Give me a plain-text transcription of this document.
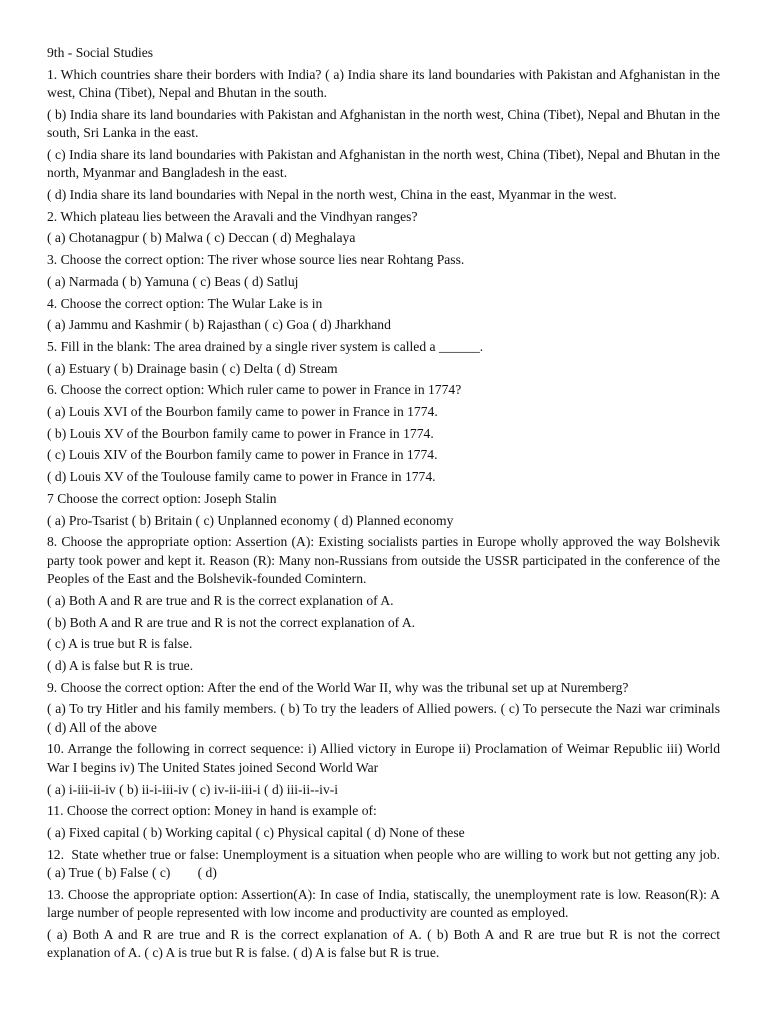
9th - Social Studies

1. Which countries share their borders with India? ( a) India share its land boundaries with Pakistan and Afghanistan in the west, China (Tibet), Nepal and Bhutan in the south.

( b) India share its land boundaries with Pakistan and Afghanistan in the north west, China (Tibet), Nepal and Bhutan in the south, Sri Lanka in the east.

( c) India share its land boundaries with Pakistan and Afghanistan in the north west, China (Tibet), Nepal and Bhutan in the north, Myanmar and Bangladesh in the east.

( d) India share its land boundaries with Nepal in the north west, China in the east, Myanmar in the west.

2. Which plateau lies between the Aravali and the Vindhyan ranges?

( a) Chotanagpur ( b) Malwa ( c) Deccan ( d) Meghalaya

3. Choose the correct option: The river whose source lies near Rohtang Pass.

( a) Narmada ( b) Yamuna ( c) Beas ( d) Satluj

4. Choose the correct option: The Wular Lake is in

( a) Jammu and Kashmir ( b) Rajasthan ( c) Goa ( d) Jharkhand

5. Fill in the blank: The area drained by a single river system is called a ______.

( a) Estuary ( b) Drainage basin ( c) Delta ( d) Stream

6. Choose the correct option: Which ruler came to power in France in 1774?

( a) Louis XVI of the Bourbon family came to power in France in 1774.

( b) Louis XV of the Bourbon family came to power in France in 1774.

( c) Louis XIV of the Bourbon family came to power in France in 1774.

( d) Louis XV of the Toulouse family came to power in France in 1774.

7 Choose the correct option: Joseph Stalin

( a) Pro-Tsarist ( b) Britain ( c) Unplanned economy ( d) Planned economy

8. Choose the appropriate option: Assertion (A): Existing socialists parties in Europe wholly approved the way Bolshevik party took power and kept it. Reason (R): Many non-Russians from outside the USSR participated in the conference of the Peoples of the East and the Bolshevik-founded Comintern.

( a) Both A and R are true and R is the correct explanation of A.

( b) Both A and R are true and R is not the correct explanation of A.

( c) A is true but R is false.

( d) A is false but R is true.

9. Choose the correct option: After the end of the World War II, why was the tribunal set up at Nuremberg?

( a) To try Hitler and his family members. ( b) To try the leaders of Allied powers. ( c) To persecute the Nazi war criminals ( d) All of the above

10. Arrange the following in correct sequence: i) Allied victory in Europe ii) Proclamation of Weimar Republic iii) World War I begins iv) The United States joined Second World War

( a) i-iii-ii-iv ( b) ii-i-iii-iv ( c) iv-ii-iii-i ( d) iii-ii--iv-i

11. Choose the correct option: Money in hand is example of:

( a) Fixed capital ( b) Working capital ( c) Physical capital ( d) None of these

12.  State whether true or false: Unemployment is a situation when people who are willing to work but not getting any job. ( a) True ( b) False ( c)        ( d)

13. Choose the appropriate option: Assertion(A): In case of India, statiscally, the unemployment rate is low. Reason(R): A large number of people represented with low income and productivity are counted as employed.

( a) Both A and R are true and R is the correct explanation of A. ( b) Both A and R are true but R is not the correct explanation of A. ( c) A is true but R is false. ( d) A is false but R is true.
